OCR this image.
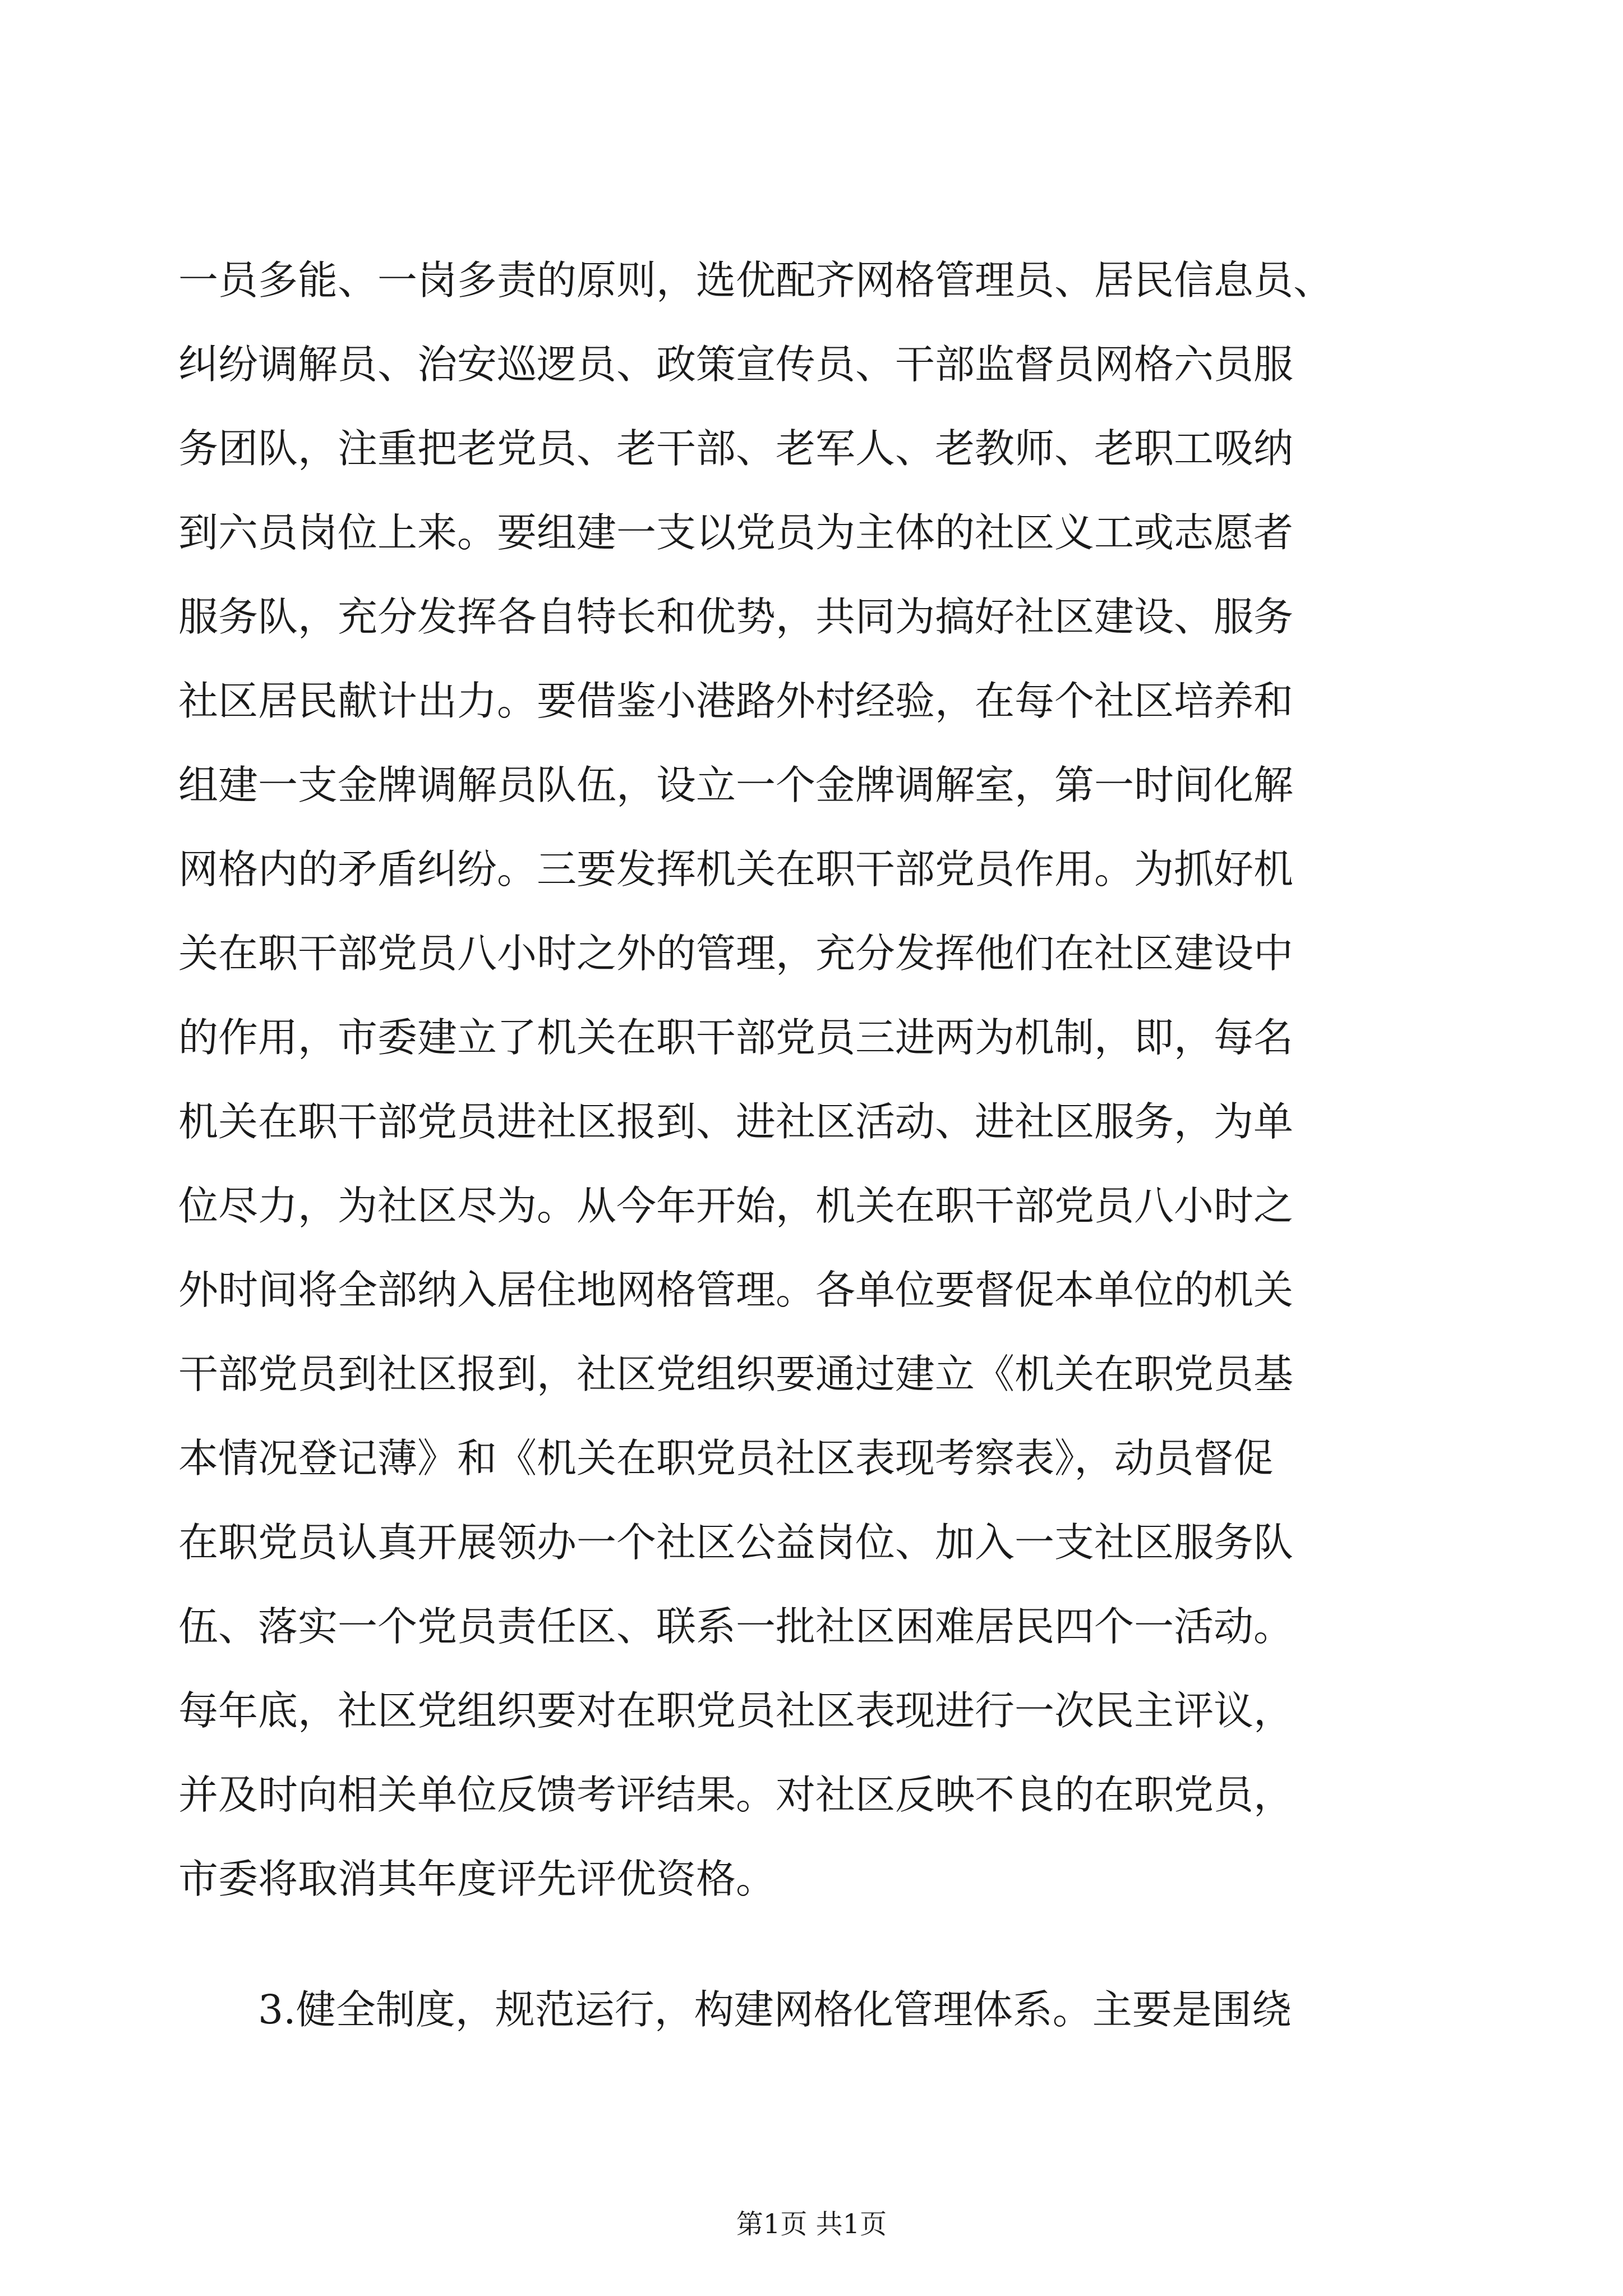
一员多能、一岗多责的原则，选优配齐网格管理员、居民信息员、
纠纷调解员、治安巡逻员、政策宣传员、干部监督员网格六员服
务团队，注重把老党员、老干部、老军人、老教师、老职工吸纳
到六员岗位上来。要组建一支以党员为主体的社区义工或志愿者
服务队，充分发挥各自特长和优势，共同为搞好社区建设、服务
社区居民献计出力。要借鉴小港路外村经验，在每个社区培养和
组建一支金牌调解员队伍，设立一个金牌调解室，第一时间化解
网格内的矛盾纠纷。三要发挥机关在职干部党员作用。为抓好机
关在职干部党员八小时之外的管理，充分发挥他们在社区建设中
的作用，市委建立了机关在职干部党员三进两为机制，即，每名
机关在职干部党员进社区报到、进社区活动、进社区服务，为单
位尽力，为社区尽为。从今年开始，机关在职干部党员八小时之
外时间将全部纳入居住地网格管理。各单位要督促本单位的机关
干部党员到社区报到，社区党组织要通过建立《机关在职党员基
本情况登记薄》和《机关在职党员社区表现考察表》，动员督促
在职党员认真开展领办一个社区公益岗位、加入一支社区服务队
伍、落实一个党员责任区、联系一批社区困难居民四个一活动。
每年底，社区党组织要对在职党员社区表现进行一次民主评议，
并及时向相关单位反馈考评结果。对社区反映不良的在职党员，
市委将取消其年度评先评优资格。
3.健全制度，规范运行，构建网格化管理体系。主要是围绕
第1页 共1页
